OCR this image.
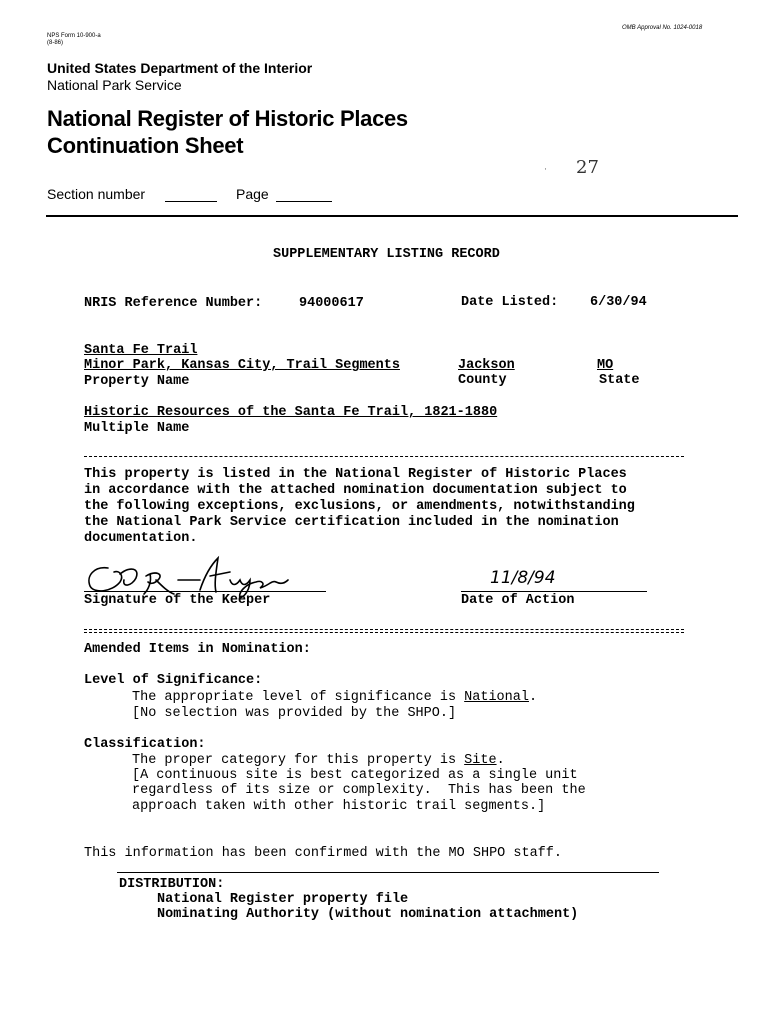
NPS Form 10-900-a
(8-86)
OMB Approval No. 1024-0018
United States Department of the Interior
National Park Service
National Register of Historic Places
Continuation Sheet
· 27
Section number	Page
SUPPLEMENTARY LISTING RECORD
NRIS Reference Number:	94000617	Date Listed: 6/30/94
Santa Fe Trail
Minor Park, Kansas City, Trail Segments	Jackson	MO
Property Name	County	State
Historic Resources of the Santa Fe Trail, 1821-1880
Multiple Name
This property is listed in the National Register of Historic Places
in accordance with the attached nomination documentation subject to
the following exceptions, exclusions, or amendments, notwithstanding
the National Park Service certification included in the nomination
documentation.
Signature of the Keeper
11/8/94
Date of Action
Amended Items in Nomination:
Level of Significance:
The appropriate level of significance is National.
[No selection was provided by the SHPO.]
Classification:
The proper category for this property is Site.
[A continuous site is best categorized as a single unit
regardless of its size or complexity.  This has been the
approach taken with other historic trail segments.]
This information has been confirmed with the MO SHPO staff.
DISTRIBUTION:
National Register property file
Nominating Authority (without nomination attachment)
